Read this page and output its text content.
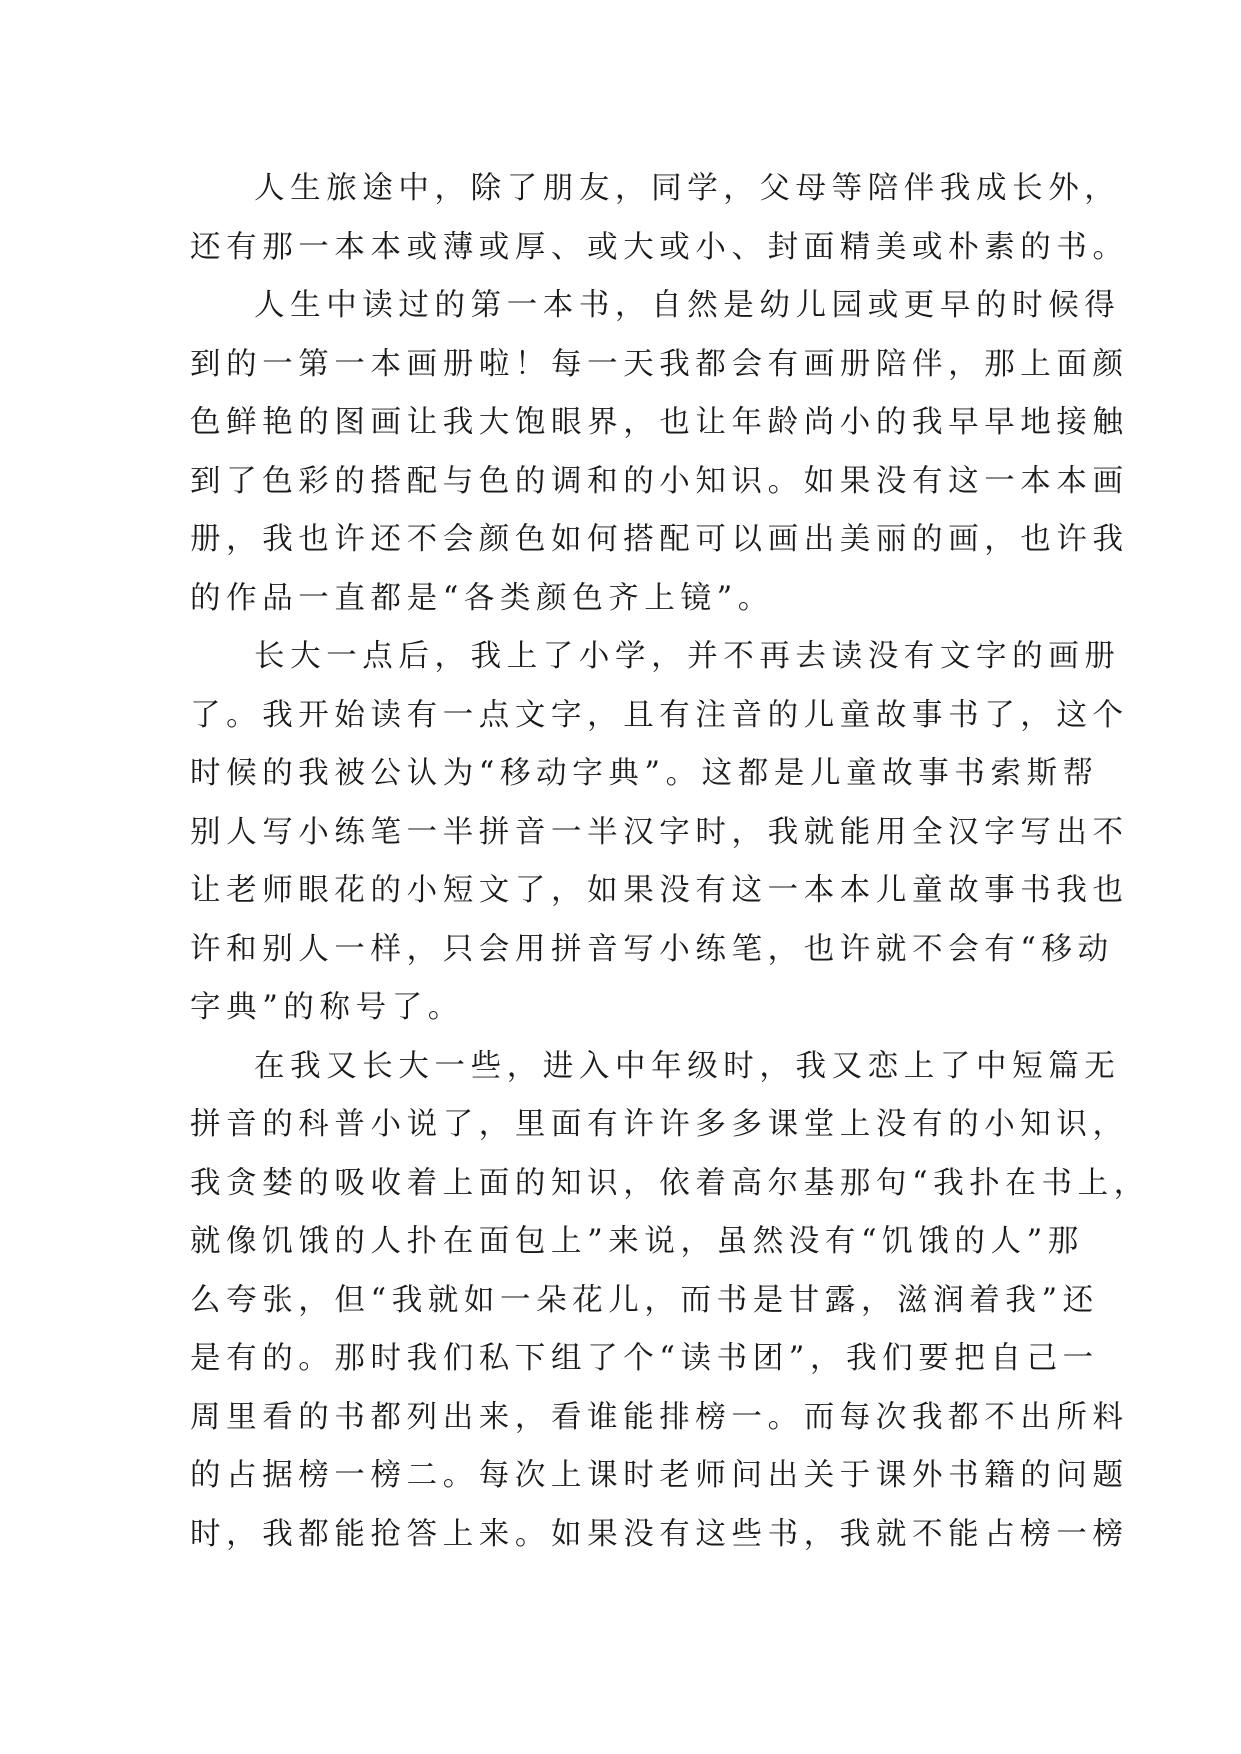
人生旅途中，除了朋友，同学，父母等陪伴我成长外，
还有那一本本或薄或厚、或大或小、封面精美或朴素的书。

人生中读过的第一本书，自然是幼儿园或更早的时候得
到的一第一本画册啦！每一天我都会有画册陪伴，那上面颜
色鲜艳的图画让我大饱眼界，也让年龄尚小的我早早地接触
到了色彩的搭配与色的调和的小知识。如果没有这一本本画
册，我也许还不会颜色如何搭配可以画出美丽的画，也许我
的作品一直都是“各类颜色齐上镜”。

长大一点后，我上了小学，并不再去读没有文字的画册
了。我开始读有一点文字，且有注音的儿童故事书了，这个
时候的我被公认为“移动字典”。这都是儿童故事书索斯帮
别人写小练笔一半拼音一半汉字时，我就能用全汉字写出不
让老师眼花的小短文了，如果没有这一本本儿童故事书我也
许和别人一样，只会用拼音写小练笔，也许就不会有“移动
字典”的称号了。

在我又长大一些，进入中年级时，我又恋上了中短篇无
拼音的科普小说了，里面有许许多多课堂上没有的小知识，
我贪婪的吸收着上面的知识，依着高尔基那句“我扑在书上，
就像饥饿的人扑在面包上”来说，虽然没有“饥饿的人”那
么夸张，但“我就如一朵花儿，而书是甘露，滋润着我”还
是有的。那时我们私下组了个“读书团”，我们要把自己一
周里看的书都列出来，看谁能排榜一。而每次我都不出所料
的占据榜一榜二。每次上课时老师问出关于课外书籍的问题
时，我都能抢答上来。如果没有这些书，我就不能占榜一榜
